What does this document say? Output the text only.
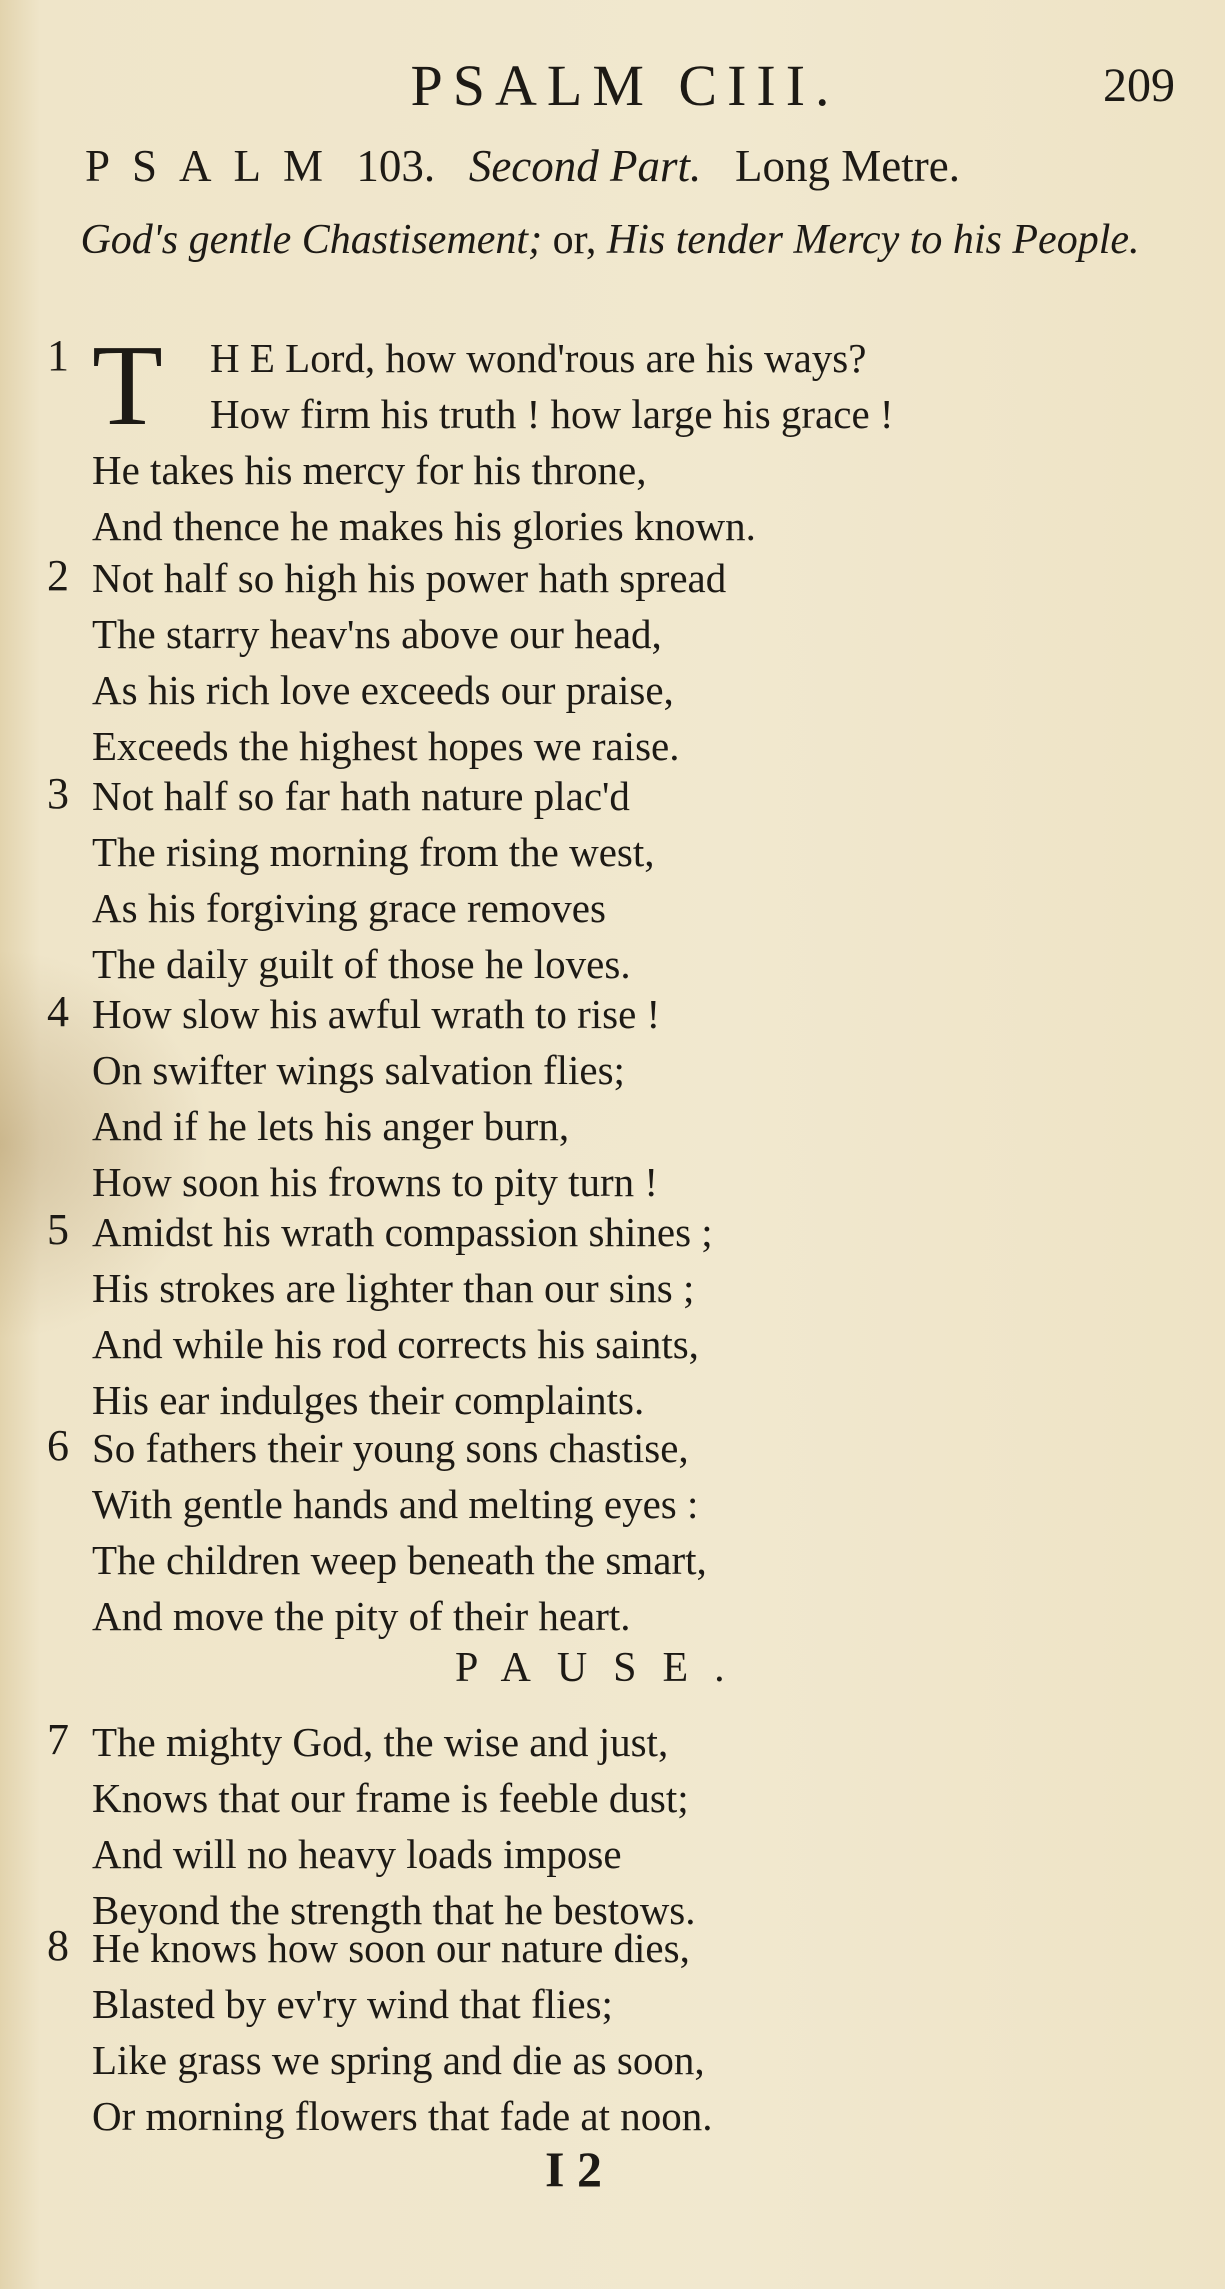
PSALM CIII.	209
PSALM 103. Second Part. Long Metre.
God's gentle Chastisement; or, His tender Mercy to his People.
1 T H E Lord, how wond'rous are his ways?
How firm his truth ! how large his grace !
He takes his mercy for his throne,
And thence he makes his glories known.
2 Not half so high his power hath spread
The starry heav'ns above our head,
As his rich love exceeds our praise,
Exceeds the highest hopes we raise.
3 Not half so far hath nature plac'd
The rising morning from the west,
As his forgiving grace removes
The daily guilt of those he loves.
4 How slow his awful wrath to rise !
On swifter wings salvation flies;
And if he lets his anger burn,
How soon his frowns to pity turn !
5 Amidst his wrath compassion shines ;
His strokes are lighter than our sins ;
And while his rod corrects his saints,
His ear indulges their complaints.
6 So fathers their young sons chastise,
With gentle hands and melting eyes :
The children weep beneath the smart,
And move the pity of their heart.
PAUSE.
7 The mighty God, the wise and just,
Knows that our frame is feeble dust;
And will no heavy loads impose
Beyond the strength that he bestows.
8 He knows how soon our nature dies,
Blasted by ev'ry wind that flies;
Like grass we spring and die as soon,
Or morning flowers that fade at noon.
I 2
